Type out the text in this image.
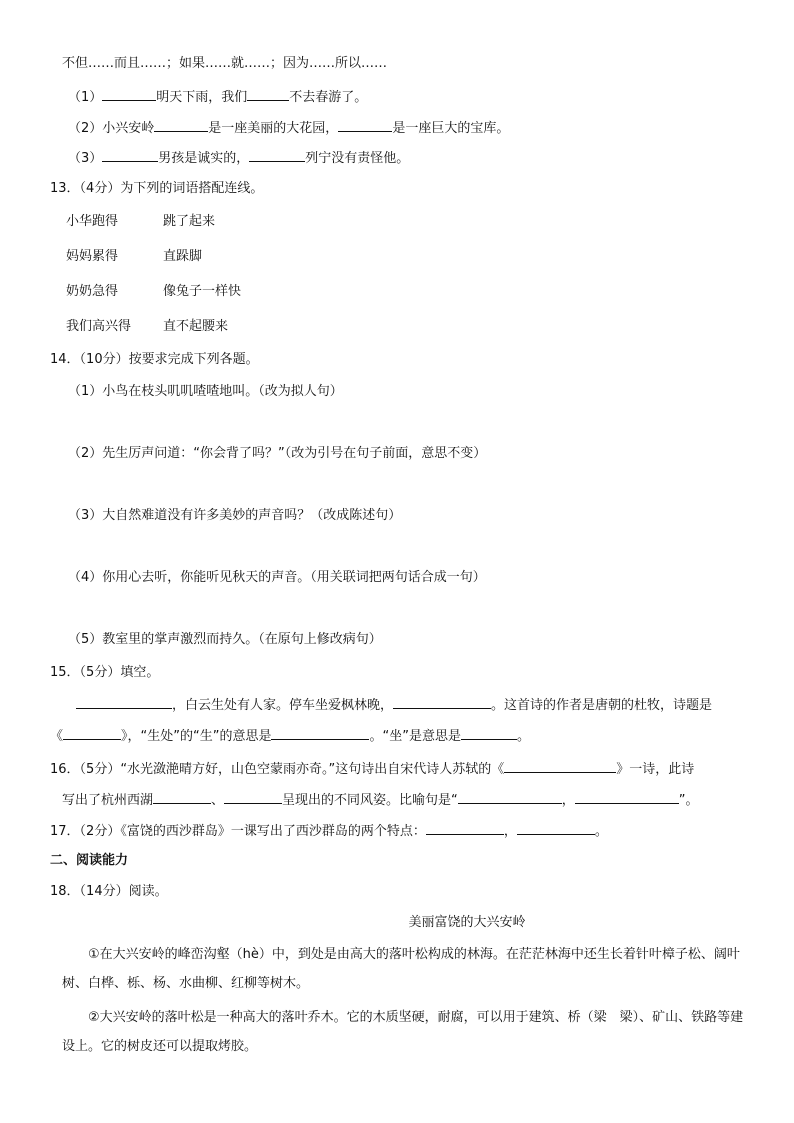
不但……而且……；如果……就……；因为……所以……
（1）	明天下雨，我们	不去春游了。
（2）小兴安岭	是一座美丽的大花园，	是一座巨大的宝库。
（3）	男孩是诚实的，	列宁没有责怪他。
13．（4分）为下列的词语搭配连线。
小华跑得	跳了起来
妈妈累得	直跺脚
奶奶急得	像兔子一样快
我们高兴得 直不起腰来
14．（10分）按要求完成下列各题。
（1）小鸟在枝头叽叽喳喳地叫。（改为拟人句）
（2）先生厉声问道：“你会背了吗？”（改为引号在句子前面，意思不变）
（3）大自然难道没有许多美妙的声音吗？（改成陈述句）
（4）你用心去听，你能听见秋天的声音。（用关联词把两句话合成一句）
（5）教室里的掌声激烈而持久。（在原句上修改病句）
15．（5分）填空。
，白云生处有人家。停车坐爱枫林晚，	。这首诗的作者是唐朝的杜牧，诗题是
《	》，“生处”的“生”的意思是	。“坐”是意思是	。
16．（5分）“水光潋滟晴方好，山色空蒙雨亦奇。”这句诗出自宋代诗人苏轼的《	》一诗，此诗
写出了杭州西湖	、	呈现出的不同风姿。比喻句是“	，	”。
17．（2分）《富饶的西沙群岛》一课写出了西沙群岛的两个特点：	，	。
二、阅读能力
18．（14分）阅读。
美丽富饶的大兴安岭
①在大兴安岭的峰峦沟壑（hè）中，到处是由高大的落叶松构成的林海。在茫茫林海中还生长着针叶樟子松、阔叶树、白桦、栎、杨、水曲柳、红柳等树木。
②大兴安岭的落叶松是一种高大的落叶乔木。它的木质坚硬，耐腐，可以用于建筑、桥（梁　梁）、矿山、铁路等建设上。它的树皮还可以提取烤胶。
